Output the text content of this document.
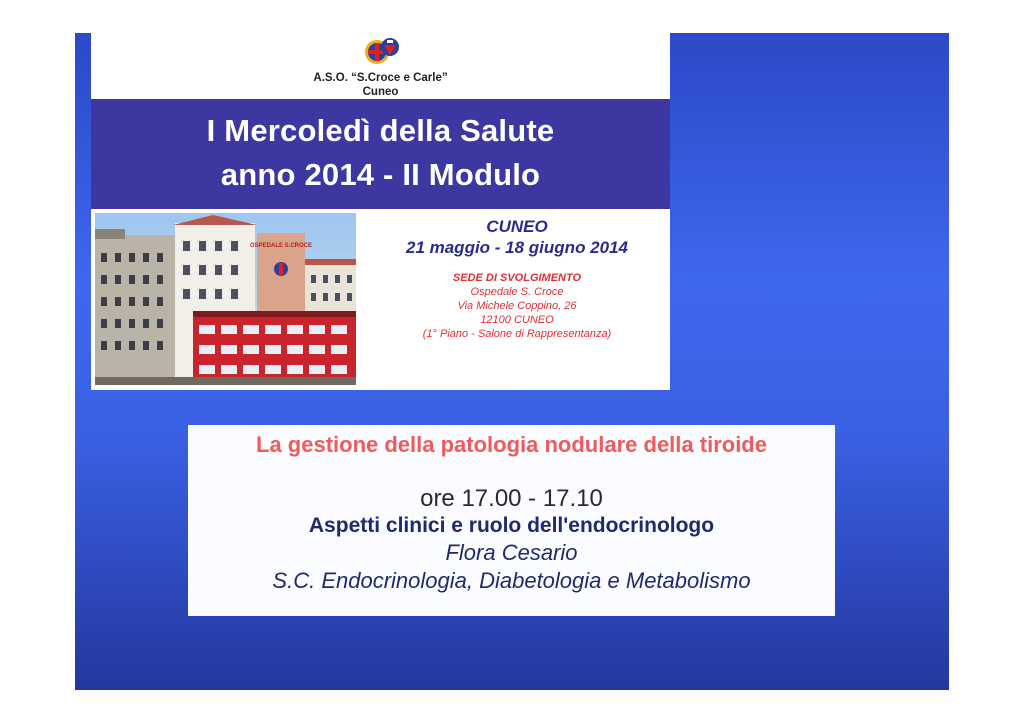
A.S.O. “S.Croce e Carle”
Cuneo
I Mercoledì della Salute
anno 2014 - II Modulo
OSPEDALE S.CROCE
CUNEO
21 maggio - 18 giugno 2014
SEDE DI SVOLGIMENTO
Ospedale S. Croce
Via Michele Coppino, 26
12100 CUNEO
(1° Piano - Salone di Rappresentanza)
La gestione della patologia nodulare della tiroide
ore 17.00 - 17.10
Aspetti clinici e ruolo dell'endocrinologo
Flora Cesario
S.C. Endocrinologia, Diabetologia e Metabolismo
